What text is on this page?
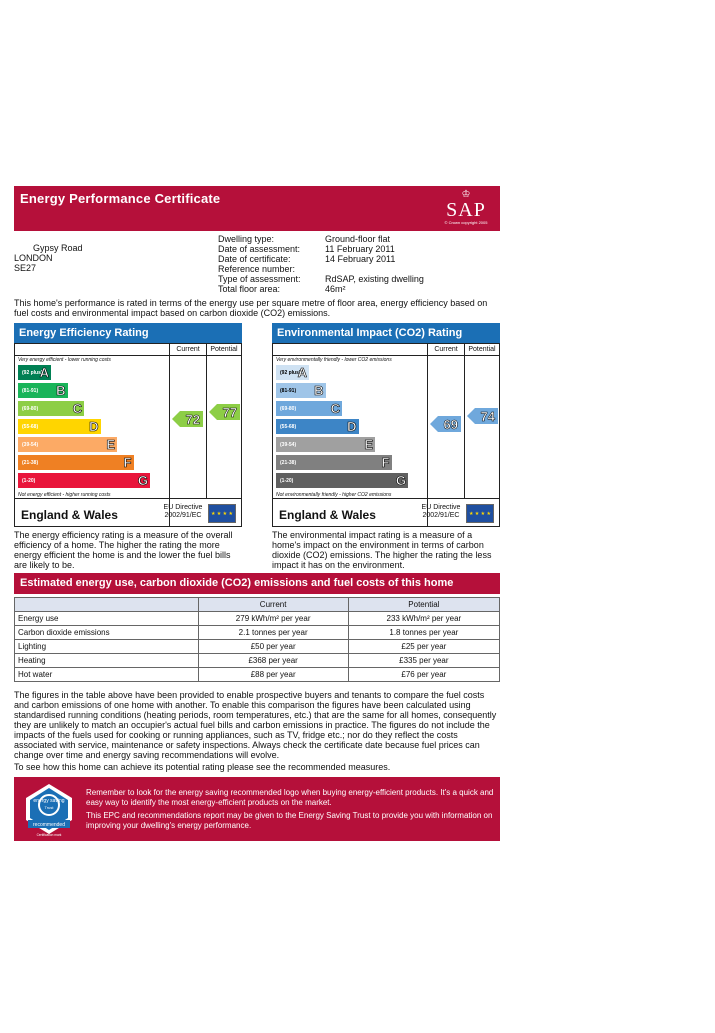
Energy Performance Certificate	♔
SAP
© Crown copyright 2005
Gypsy Road
LONDON
SE27
Dwelling type:	Ground-floor flat
Date of assessment:	11 February 2011
Date of certificate:	14 February 2011
Reference number:
Type of assessment:	RdSAP, existing dwelling
Total floor area:	46m²
This home's performance is rated in terms of the energy use per square metre of floor area, energy efficiency based on fuel costs and environmental impact based on carbon dioxide (CO2) emissions.
Energy Efficiency Rating
Current	Potential
Very energy efficient - lower running costs
Not energy efficient - higher running costs
(92 plus)
A
(81-91) B
(69-80)	C
(55-68)	D
(39-54)	E
(21-38)	F
(1-20)	G
72 77
England & Wales
EU Directive 2002/91/EC	★ ★ ★ ★
Environmental Impact (CO2) Rating
Current	Potential
Very environmentally friendly - lower CO2 emissions
Not environmentally friendly - higher CO2 emissions
(92 plus)
A
(81-91) B
(69-80)	C
(55-68)	D
(39-54)	E
(21-38)	F
(1-20)	G
69 74
England & Wales
EU Directive 2002/91/EC	★ ★ ★ ★
The energy efficiency rating is a measure of the overall efficiency of a home. The higher the rating the more energy efficient the home is and the lower the fuel bills are likely to be.
The environmental impact rating is a measure of a home's impact on the environment in terms of carbon dioxide (CO2) emissions. The higher the rating the less impact it has on the environment.
Estimated energy use, carbon dioxide (CO2) emissions and fuel costs of this home
	Current	Potential
Energy use	279 kWh/m² per year	233 kWh/m² per year
Carbon dioxide emissions	2.1 tonnes per year	1.8 tonnes per year
Lighting	£50 per year	£25 per year
Heating	£368 per year	£335 per year
Hot water	£88 per year	£76 per year
The figures in the table above have been provided to enable prospective buyers and tenants to compare the fuel costs and carbon emissions of one home with another. To enable this comparison the figures have been calculated using standardised running conditions (heating periods, room temperatures, etc.) that are the same for all homes, consequently they are unlikely to match an occupier's actual fuel bills and carbon emissions in practice. The figures do not include the impacts of the fuels used for cooking or running appliances, such as TV, fridge etc.; nor do they reflect the costs associated with service, maintenance or safety inspections. Always check the certificate date because fuel prices can change over time and energy saving recommendations will evolve.
To see how this home can achieve its potential rating please see the recommended measures.
energy saving
Trust
recommended
Certification mark
Remember to look for the energy saving recommended logo when buying energy-efficient products. It's a quick and easy way to identify the most energy-efficient products on the market.
This EPC and recommendations report may be given to the Energy Saving Trust to provide you with information on improving your dwelling's energy performance.
